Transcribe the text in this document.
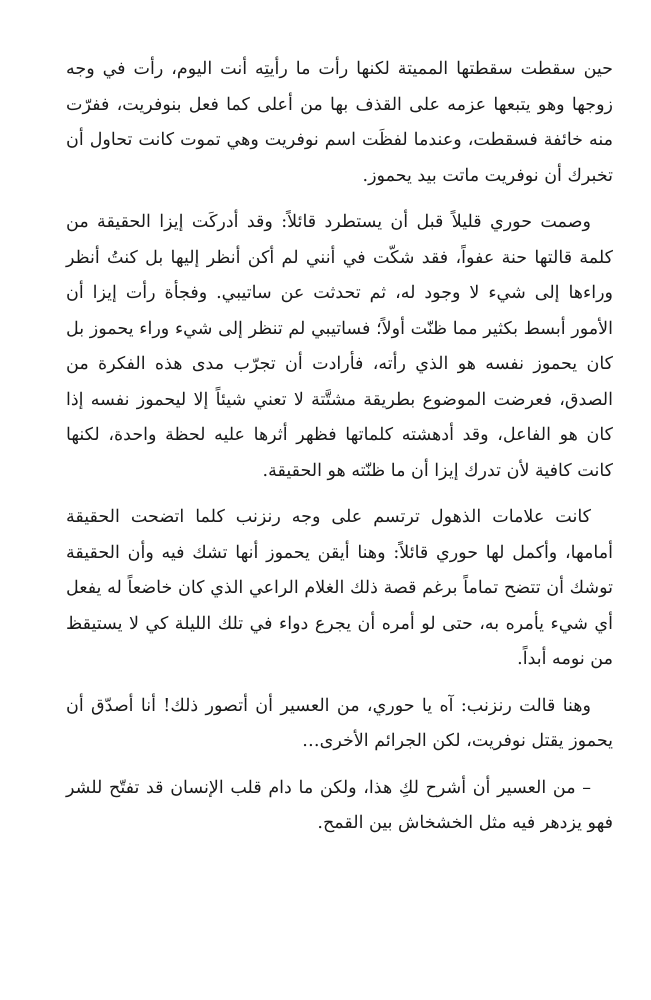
حين سقطت سقطتها المميتة لكنها رأت ما رأيتِه أنت اليوم، رأت في وجه زوجها وهو يتبعها عزمه على القذف بها من أعلى كما فعل بنوفريت، ففرّت منه خائفة فسقطت، وعندما لفظَت اسم نوفريت وهي تموت كانت تحاول أن تخبرك أن نوفريت ماتت بيد يحموز.

وصمت حوري قليلاً قبل أن يستطرد قائلاً: وقد أدركَت إيزا الحقيقة من كلمة قالتها حنة عفواً، فقد شكّت في أنني لم أكن أنظر إليها بل كنتُ أنظر وراءها إلى شيء لا وجود له، ثم تحدثت عن ساتيبي. وفجأة رأت إيزا أن الأمور أبسط بكثير مما ظنّت أولاً؛ فساتيبي لم تنظر إلى شيء وراء يحموز بل كان يحموز نفسه هو الذي رأته، فأرادت أن تجرّب مدى هذه الفكرة من الصدق، فعرضت الموضوع بطريقة مشتَّتة لا تعني شيئاً إلا ليحموز نفسه إذا كان هو الفاعل، وقد أدهشته كلماتها فظهر أثرها عليه لحظة واحدة، لكنها كانت كافية لأن تدرك إيزا أن ما ظنّته هو الحقيقة.

كانت علامات الذهول ترتسم على وجه رنزنب كلما اتضحت الحقيقة أمامها، وأكمل لها حوري قائلاً: وهنا أيقن يحموز أنها تشك فيه وأن الحقيقة توشك أن تتضح تماماً برغم قصة ذلك الغلام الراعي الذي كان خاضعاً له يفعل أي شيء يأمره به، حتى لو أمره أن يجرع دواء في تلك الليلة كي لا يستيقظ من نومه أبداً.

وهنا قالت رنزنب: آه يا حوري، من العسير أن أتصور ذلك! أنا أصدّق أن يحموز يقتل نوفريت، لكن الجرائم الأخرى…

– من العسير أن أشرح لكِ هذا، ولكن ما دام قلب الإنسان قد تفتّح للشر فهو يزدهر فيه مثل الخشخاش بين القمح.
